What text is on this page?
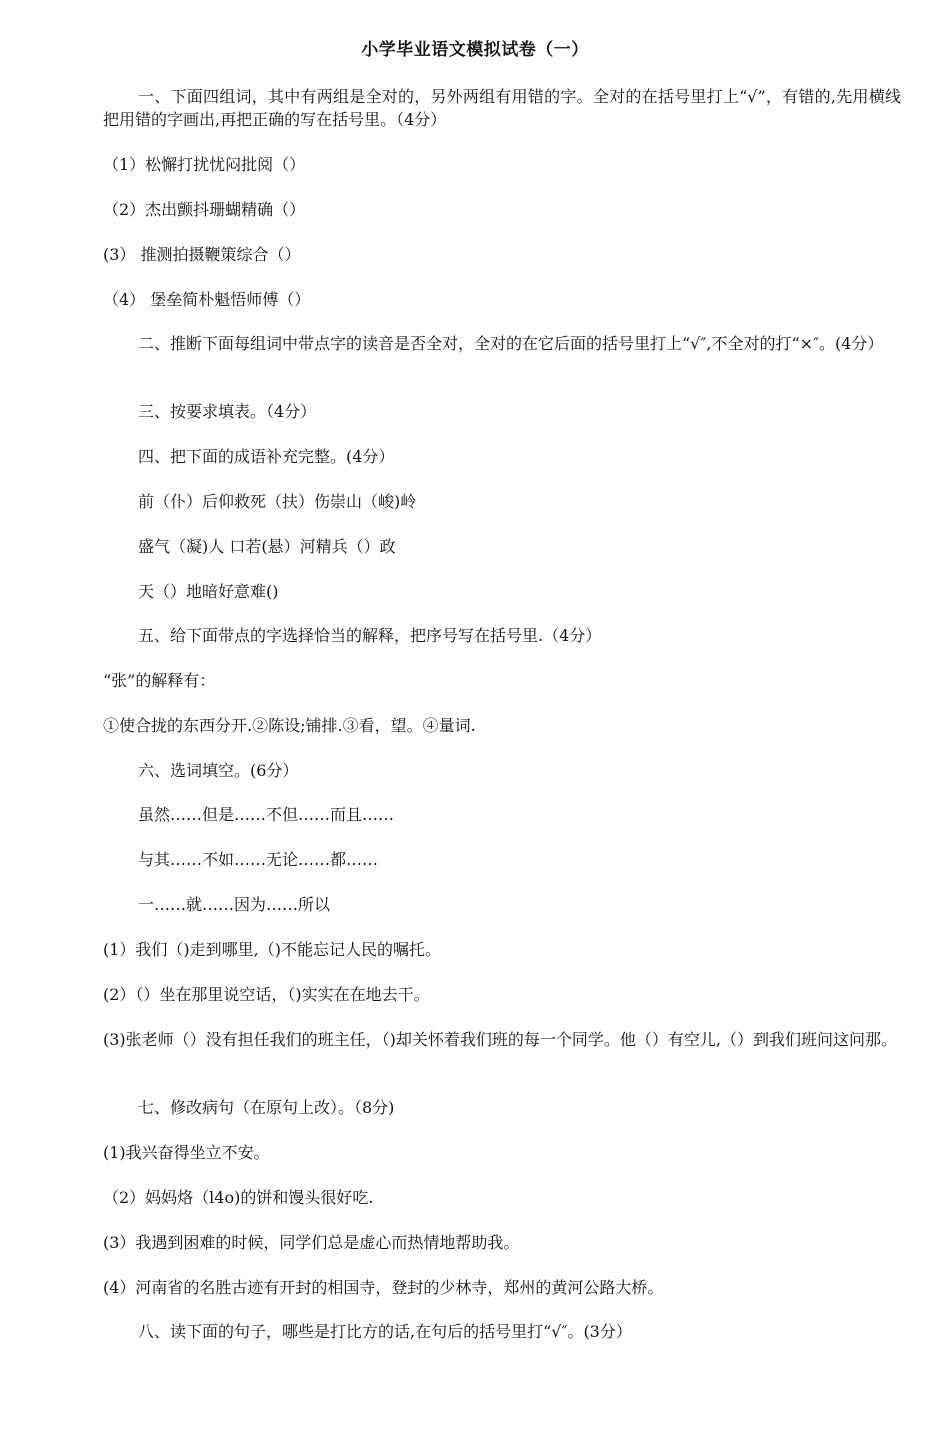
小学毕业语文模拟试卷（一）
一、下面四组词，其中有两组是全对的，另外两组有用错的字。全对的在括号里打上“√”，有错的,先用横线把用错的字画出,再把正确的写在括号里。（4分）
（1）松懈打扰忧闷批阅（）
（2）杰出颤抖珊蝴精确（）
(3） 推测拍摄鞭策综合（）
（4） 堡垒简朴魁悟师傅（）
二、推断下面每组词中带点字的读音是否全对，全对的在它后面的括号里打上“√″,不全对的打“×″。(4分）
三、按要求填表。（4分）
四、把下面的成语补充完整。(4分）
前（仆）后仰救死（扶）伤崇山（峻)岭
盛气（凝)人 口若(悬）河精兵（）政
天（）地暗好意难()
五、给下面带点的字选择恰当的解释，把序号写在括号里.（4分）
“张”的解释有：
①使合拢的东西分开.②陈设;铺排.③看，望。④量词.
六、选词填空。(6分）
虽然……但是……不但……而且……
与其……不如……无论……都……
一……就……因为……所以
(1）我们（)走到哪里,（)不能忘记人民的嘱托。
(2）（）坐在那里说空话，（)实实在在地去干。
(3)张老师（）没有担任我们的班主任，（)却关怀着我们班的每一个同学。他（）有空儿,（）到我们班问这问那。
七、修改病句（在原句上改）。（8分)
(1)我兴奋得坐立不安。
（2）妈妈烙（l4o)的饼和馒头很好吃.
(3）我遇到困难的时候，同学们总是虚心而热情地帮助我。
(4）河南省的名胜古迹有开封的相国寺，登封的少林寺，郑州的黄河公路大桥。
八、读下面的句子，哪些是打比方的话,在句后的括号里打“√″。(3分）
